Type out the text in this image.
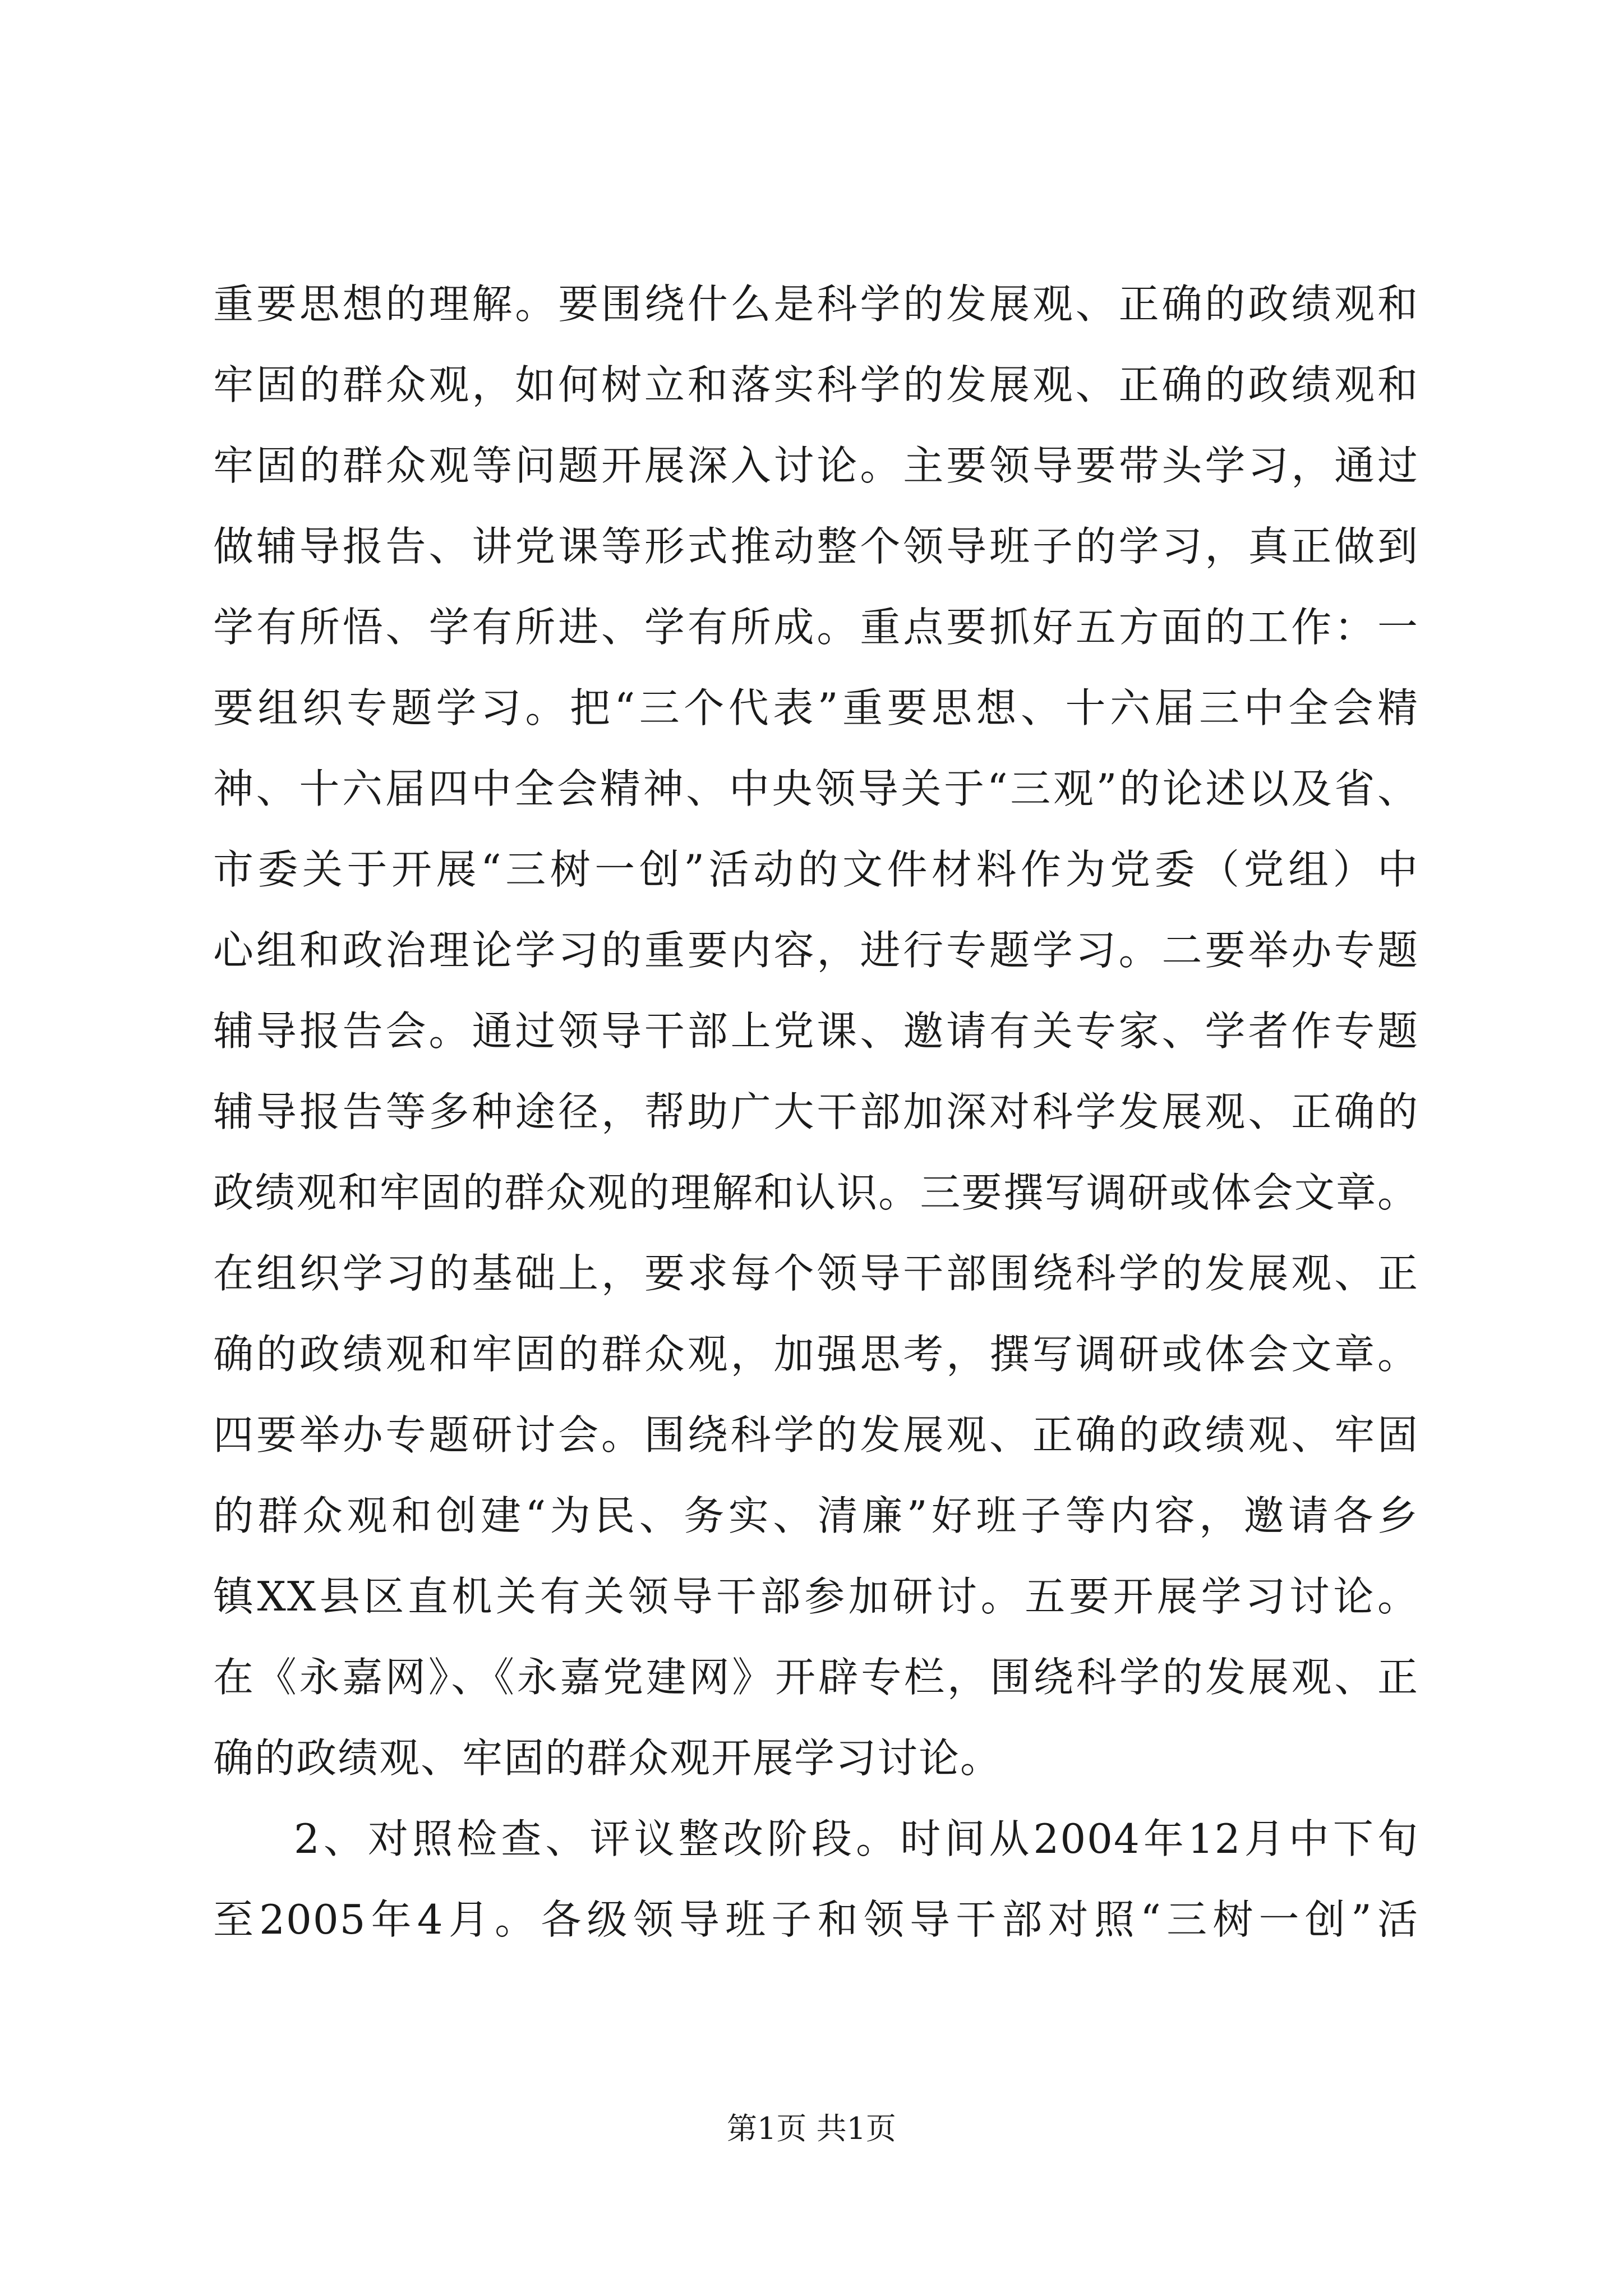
重要思想的理解。要围绕什么是科学的发展观、正确的政绩观和
牢固的群众观，如何树立和落实科学的发展观、正确的政绩观和
牢固的群众观等问题开展深入讨论。主要领导要带头学习，通过
做辅导报告、讲党课等形式推动整个领导班子的学习，真正做到
学有所悟、学有所进、学有所成。重点要抓好五方面的工作：一
要组织专题学习。把“三个代表”重要思想、十六届三中全会精
神、十六届四中全会精神、中央领导关于“三观”的论述以及省、
市委关于开展“三树一创”活动的文件材料作为党委（党组）中
心组和政治理论学习的重要内容，进行专题学习。二要举办专题
辅导报告会。通过领导干部上党课、邀请有关专家、学者作专题
辅导报告等多种途径，帮助广大干部加深对科学发展观、正确的
政绩观和牢固的群众观的理解和认识。三要撰写调研或体会文章。
在组织学习的基础上，要求每个领导干部围绕科学的发展观、正
确的政绩观和牢固的群众观，加强思考，撰写调研或体会文章。
四要举办专题研讨会。围绕科学的发展观、正确的政绩观、牢固
的群众观和创建“为民、务实、清廉”好班子等内容，邀请各乡
镇XX县区直机关有关领导干部参加研讨。五要开展学习讨论。
在《永嘉网》、《永嘉党建网》开辟专栏，围绕科学的发展观、正
确的政绩观、牢固的群众观开展学习讨论。
2、对照检查、评议整改阶段。时间从2004年12月中下旬
至2005年4月。各级领导班子和领导干部对照“三树一创”活
第1页 共1页
